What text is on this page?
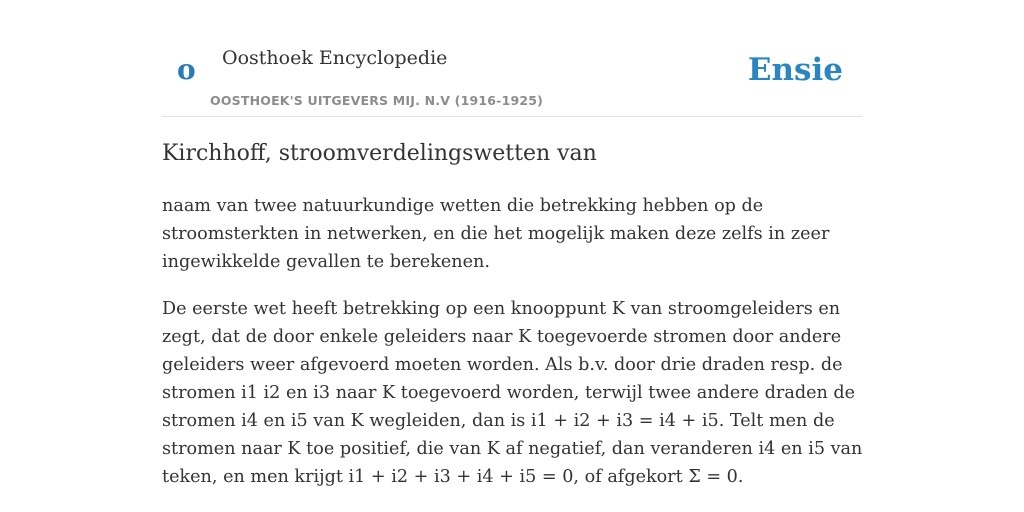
o Oosthoek Encyclopedie
OOSTHOEK'S UITGEVERS MIJ. N.V (1916-1925)
Ensie
Kirchhoff, stroomverdelingswetten van

naam van twee natuurkundige wetten die betrekking hebben op de stroomsterkten in netwerken, en die het mogelijk maken deze zelfs in zeer ingewikkelde gevallen te berekenen.

De eerste wet heeft betrekking op een knooppunt K van stroomgeleiders en zegt, dat de door enkele geleiders naar K toegevoerde stromen door andere geleiders weer afgevoerd moeten worden. Als b.v. door drie draden resp. de stromen i1 i2 en i3 naar K toegevoerd worden, terwijl twee andere draden de stromen i4 en i5 van K wegleiden, dan is i1 + i2 + i3 = i4 + i5. Telt men de stromen naar K toe positief, die van K af negatief, dan veranderen i4 en i5 van teken, en men krijgt i1 + i2 + i3 + i4 + i5 = 0, of afgekort Σ = 0.
